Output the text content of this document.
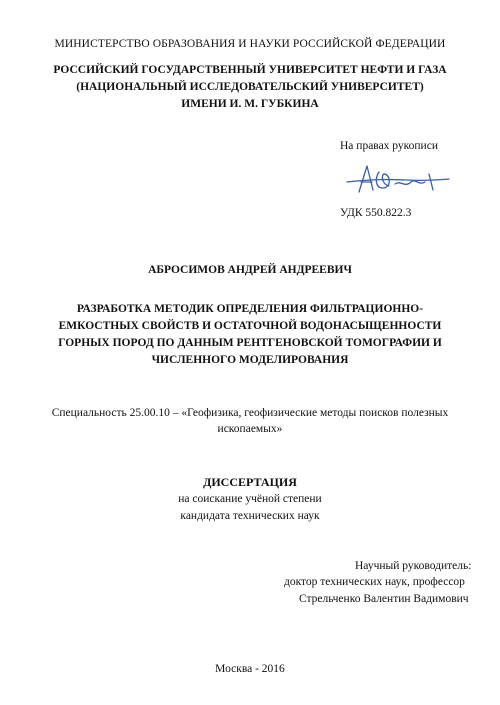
МИНИСТЕРСТВО ОБРАЗОВАНИЯ И НАУКИ РОССИЙСКОЙ ФЕДЕРАЦИИ
РОССИЙСКИЙ ГОСУДАРСТВЕННЫЙ УНИВЕРСИТЕТ НЕФТИ И ГАЗА
(НАЦИОНАЛЬНЫЙ ИССЛЕДОВАТЕЛЬСКИЙ УНИВЕРСИТЕТ)
ИМЕНИ И. М. ГУБКИНА
На правах рукописи
УДК 550.822.3
АБРОСИМОВ АНДРЕЙ АНДРЕЕВИЧ
РАЗРАБОТКА МЕТОДИК ОПРЕДЕЛЕНИЯ ФИЛЬТРАЦИОННО-
ЕМКОСТНЫХ СВОЙСТВ И ОСТАТОЧНОЙ ВОДОНАСЫЩЕННОСТИ
ГОРНЫХ ПОРОД ПО ДАННЫМ РЕНТГЕНОВСКОЙ ТОМОГРАФИИ И
ЧИСЛЕННОГО МОДЕЛИРОВАНИЯ
Специальность 25.00.10 – «Геофизика, геофизические методы поисков полезных
ископаемых»
ДИССЕРТАЦИЯ
на соискание учёной степени
кандидата технических наук
Научный руководитель:
доктор технических наук, профессор
Стрельченко Валентин Вадимович
Москва - 2016
